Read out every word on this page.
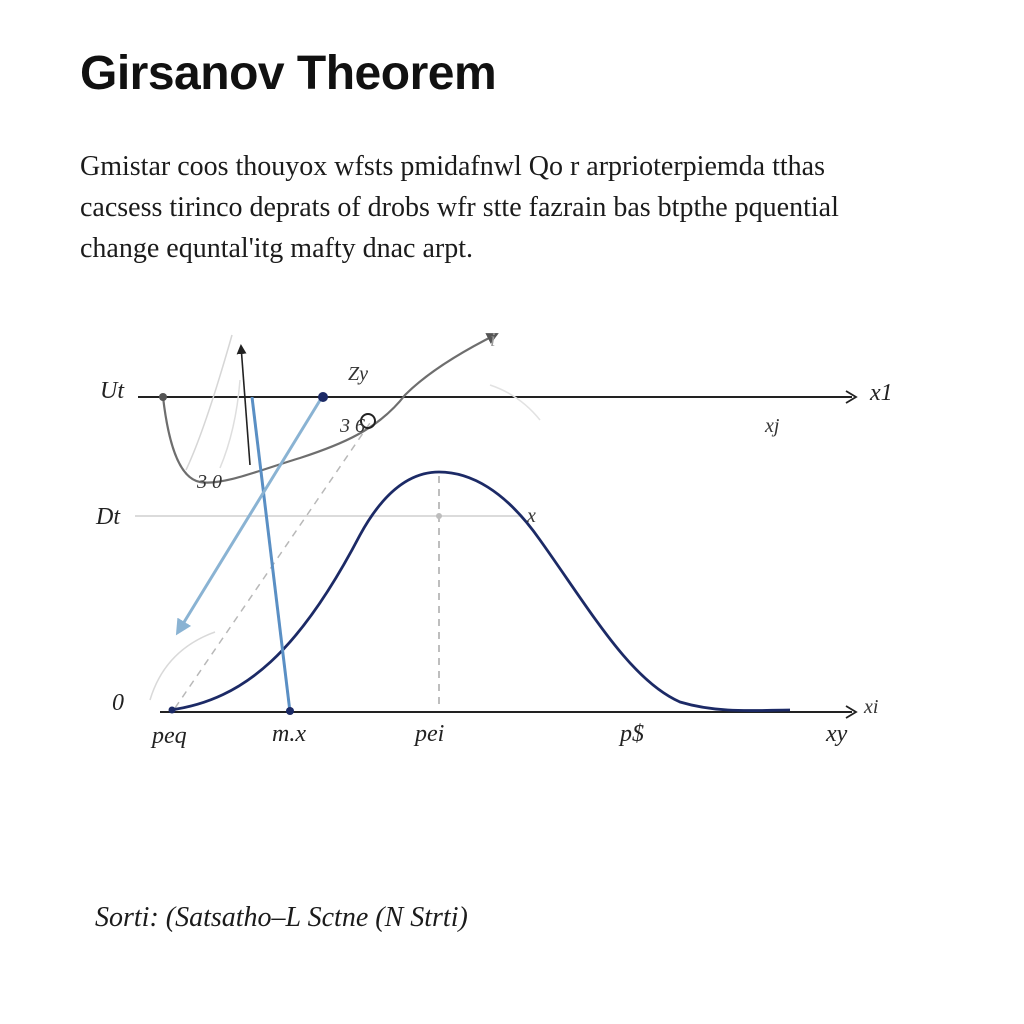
Girsanov Theorem
Gmistar coos thouyox wfsts pmidafnwl Qo r arprioterpiemda tthas
cacsess tirinco deprats of drobs wfr stte fazrain bas btpthe pquential
change equntal'itg mafty dnac arpt.
Ut
Dt
0
peq	m.x	pei	p$	xy
x1
xj
xi
Zy
3 6
3 0
x
i
Sorti: (Satsatho–L Sctne (N Strti)
